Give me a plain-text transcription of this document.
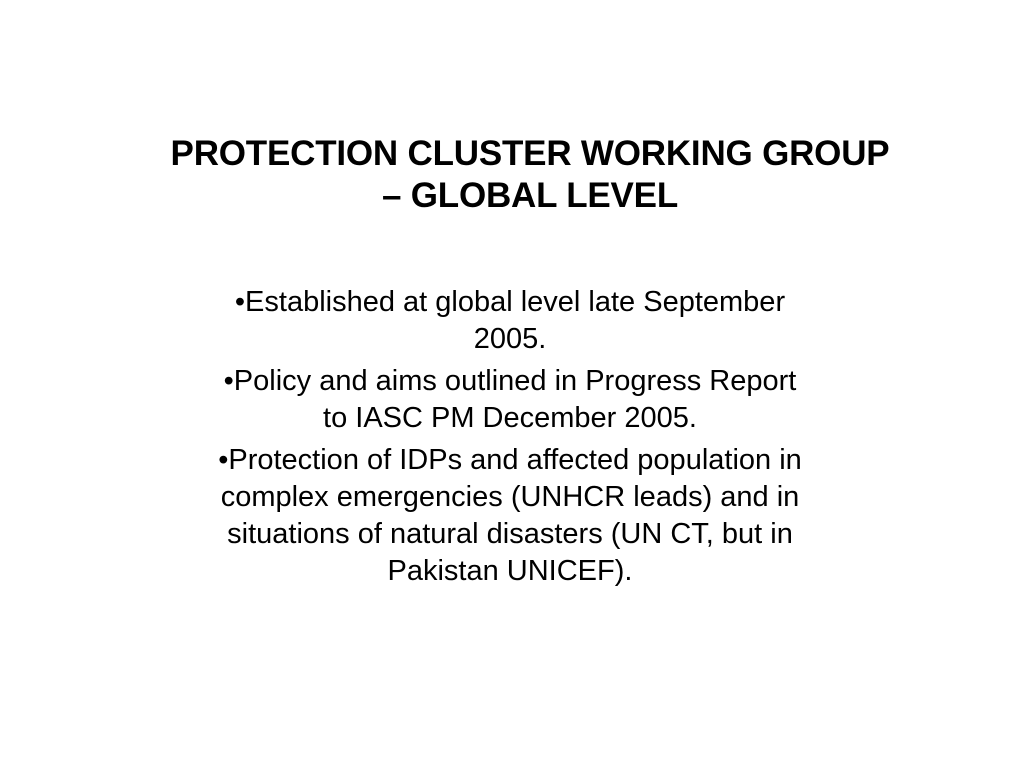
PROTECTION CLUSTER WORKING GROUP
– GLOBAL LEVEL
•Established at global level late September
2005.
•Policy and aims outlined in Progress Report
to IASC PM December 2005.
•Protection of IDPs and affected population in
complex emergencies (UNHCR leads) and in
situations of natural disasters (UN CT, but in
Pakistan UNICEF).
